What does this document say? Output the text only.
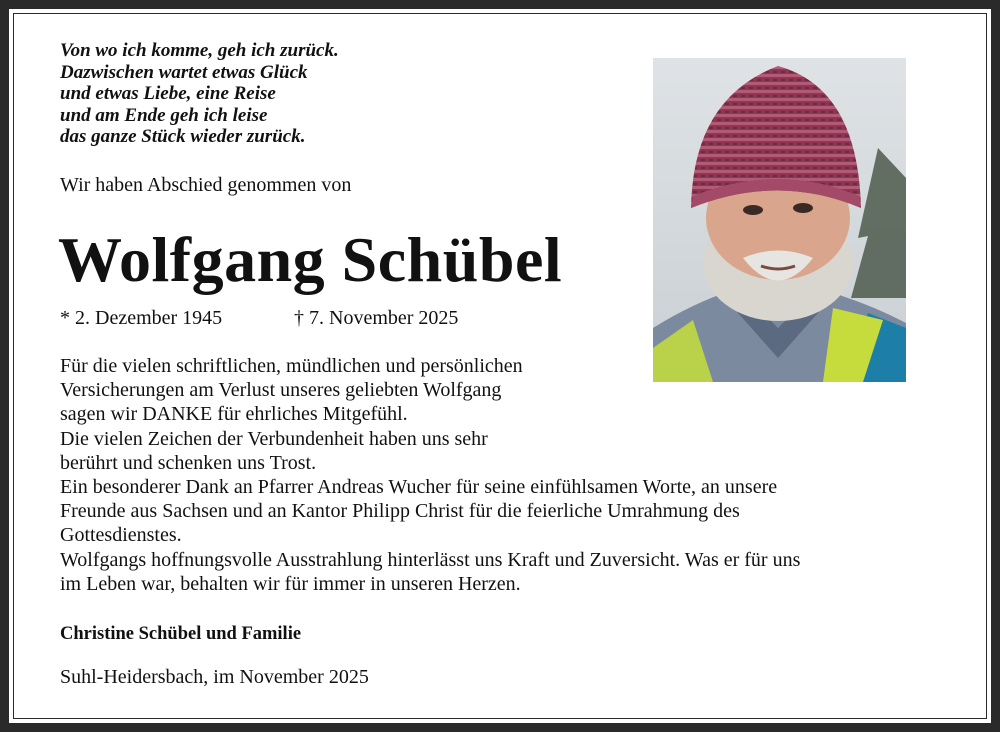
Von wo ich komme, geh ich zurück.
Dazwischen wartet etwas Glück
und etwas Liebe, eine Reise
und am Ende geh ich leise
das ganze Stück wieder zurück.
Wir haben Abschied genommen von
Wolfgang Schübel
* 2. Dezember 1945	† 7. November 2025
Für die vielen schriftlichen, mündlichen und persönlichen
Versicherungen am Verlust unseres geliebten Wolfgang
sagen wir DANKE für ehrliches Mitgefühl.
Die vielen Zeichen der Verbundenheit haben uns sehr
berührt und schenken uns Trost.
Ein besonderer Dank an Pfarrer Andreas Wucher für seine einfühlsamen Worte, an unsere
Freunde aus Sachsen und an Kantor Philipp Christ für die feierliche Umrahmung des
Gottesdienstes.
Wolfgangs hoffnungsvolle Ausstrahlung hinterlässt uns Kraft und Zuversicht. Was er für uns
im Leben war, behalten wir für immer in unseren Herzen.
Christine Schübel und Familie
Suhl-Heidersbach, im November 2025
